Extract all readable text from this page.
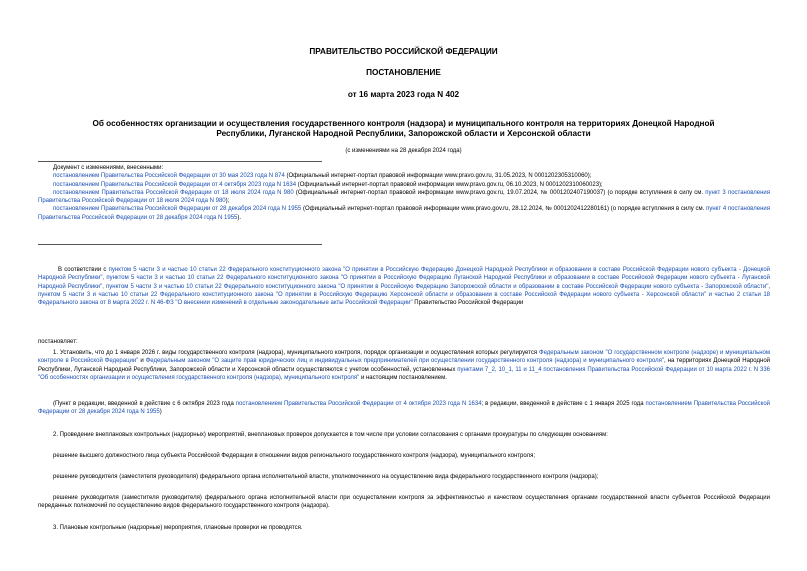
ПРАВИТЕЛЬСТВО РОССИЙСКОЙ ФЕДЕРАЦИИ
ПОСТАНОВЛЕНИЕ
от 16 марта 2023 года N 402
Об особенностях организации и осуществления государственного контроля (надзора) и муниципального контроля на территориях Донецкой Народной
Республики, Луганской Народной Республики, Запорожской области и Херсонской области
(с изменениями на 28 декабря 2024 года)
Документ с изменениями, внесенными:
постановлением Правительства Российской Федерации от 30 мая 2023 года N 874 (Официальный интернет-портал правовой информации www.pravo.gov.ru, 31.05.2023, N 0001202305310060);
постановлением Правительства Российской Федерации от 4 октября 2023 года N 1634 (Официальный интернет-портал правовой информации www.pravo.gov.ru, 06.10.2023, N 0001202310060023);
постановлением Правительства Российской Федерации от 18 июля 2024 года N 980 (Официальный интернет-портал правовой информации www.pravo.gov.ru, 19.07.2024, № 0001202407190037) (о порядке вступления в силу см. пункт 3 постановления Правительства Российской Федерации от 18 июля 2024 года N 980);
постановлением Правительства Российской Федерации от 28 декабря 2024 года N 1955 (Официальный интернет-портал правовой информации www.pravo.gov.ru, 28.12.2024, № 0001202412280161) (о порядке вступления в силу см. пункт 4 постановления Правительства Российской Федерации от 28 декабря 2024 года N 1955).
В соответствии с пунктом 5 части 3 и частью 10 статьи 22 Федерального конституционного закона "О принятии в Российскую Федерацию Донецкой Народной Республики и образовании в составе Российской Федерации нового субъекта - Донецкой Народной Республики", пунктом 5 части 3 и частью 10 статьи 22 Федерального конституционного закона "О принятии в Российскую Федерацию Луганской Народной Республики и образовании в составе Российской Федерации нового субъекта - Луганской Народной Республики", пунктом 5 части 3 и частью 10 статьи 22 Федерального конституционного закона "О принятии в Российскую Федерацию Запорожской области и образовании в составе Российской Федерации нового субъекта - Запорожской области", пунктом 5 части 3 и частью 10 статьи 22 Федерального конституционного закона "О принятии в Российскую Федерацию Херсонской области и образовании в составе Российской Федерации нового субъекта - Херсонской области" и частью 2 статьи 18 Федерального закона от 8 марта 2022 г. N 46-ФЗ "О внесении изменений в отдельные законодательные акты Российской Федерации" Правительство Российской Федерации
постановляет:
1. Установить, что до 1 января 2026 г. виды государственного контроля (надзора), муниципального контроля, порядок организации и осуществления которых регулируется Федеральным законом "О государственном контроле (надзоре) и муниципальном контроле в Российской Федерации" и Федеральным законом "О защите прав юридических лиц и индивидуальных предпринимателей при осуществлении государственного контроля (надзора) и муниципального контроля", на территориях Донецкой Народной Республики, Луганской Народной Республики, Запорожской области и Херсонской области осуществляются с учетом особенностей, установленных пунктами 7_2, 10_1, 11 и 11_4 постановления Правительства Российской Федерации от 10 марта 2022 г. N 336 "Об особенностях организации и осуществления государственного контроля (надзора), муниципального контроля" и настоящим постановлением.
(Пункт в редакции, введенной в действие с 6 октября 2023 года постановлением Правительства Российской Федерации от 4 октября 2023 года N 1634; в редакции, введенной в действие с 1 января 2025 года постановлением Правительства Российской Федерации от 28 декабря 2024 года N 1955)
2. Проведение внеплановых контрольных (надзорных) мероприятий, внеплановых проверок допускается в том числе при условии согласования с органами прокуратуры по следующим основаниям:
решение высшего должностного лица субъекта Российской Федерации в отношении видов регионального государственного контроля (надзора), муниципального контроля;
решение руководителя (заместителя руководителя) федерального органа исполнительной власти, уполномоченного на осуществление вида федерального государственного контроля (надзора);
решение руководителя (заместителя руководителя) федерального органа исполнительной власти при осуществлении контроля за эффективностью и качеством осуществления органами государственной власти субъектов Российской Федерации переданных полномочий по осуществлению видов федерального государственного контроля (надзора).
3. Плановые контрольные (надзорные) мероприятия, плановые проверки не проводятся.
